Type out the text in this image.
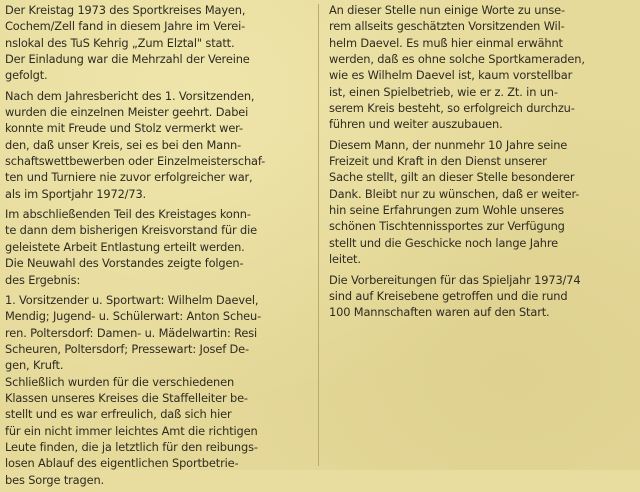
Der Kreistag 1973 des Sportkreises Mayen,
Cochem/Zell fand in diesem Jahre im Verei-
nslokal des TuS Kehrig „Zum Elztal" statt.
Der Einladung war die Mehrzahl der Vereine
gefolgt.
Nach dem Jahresbericht des 1. Vorsitzenden,
wurden die einzelnen Meister geehrt. Dabei
konnte mit Freude und Stolz vermerkt wer-
den, daß unser Kreis, sei es bei den Mann-
schaftswettbewerben oder Einzelmeisterschaf-
ten und Turniere nie zuvor erfolgreicher war,
als im Sportjahr 1972/73.
Im abschließenden Teil des Kreistages konn-
te dann dem bisherigen Kreisvorstand für die
geleistete Arbeit Entlastung erteilt werden.
Die Neuwahl des Vorstandes zeigte folgen-
des Ergebnis:
1. Vorsitzender u. Sportwart: Wilhelm Daevel,
Mendig; Jugend- u. Schülerwart: Anton Scheu-
ren. Poltersdorf: Damen- u. Mädelwartin: Resi
Scheuren, Poltersdorf; Pressewart: Josef De-
gen, Kruft.
Schließlich wurden für die verschiedenen
Klassen unseres Kreises die Staffelleiter be-
stellt und es war erfreulich, daß sich hier
für ein nicht immer leichtes Amt die richtigen
Leute finden, die ja letztlich für den reibungs-
losen Ablauf des eigentlichen Sportbetrie-
bes Sorge tragen.
An dieser Stelle nun einige Worte zu unse-
rem allseits geschätzten Vorsitzenden Wil-
helm Daevel. Es muß hier einmal erwähnt
werden, daß es ohne solche Sportkameraden,
wie es Wilhelm Daevel ist, kaum vorstellbar
ist, einen Spielbetrieb, wie er z. Zt. in un-
serem Kreis besteht, so erfolgreich durchzu-
führen und weiter auszubauen.
Diesem Mann, der nunmehr 10 Jahre seine
Freizeit und Kraft in den Dienst unserer
Sache stellt, gilt an dieser Stelle besonderer
Dank. Bleibt nur zu wünschen, daß er weiter-
hin seine Erfahrungen zum Wohle unseres
schönen Tischtennissportes zur Verfügung
stellt und die Geschicke noch lange Jahre
leitet.
Die Vorbereitungen für das Spieljahr 1973/74
sind auf Kreisebene getroffen und die rund
100 Mannschaften waren auf den Start.
